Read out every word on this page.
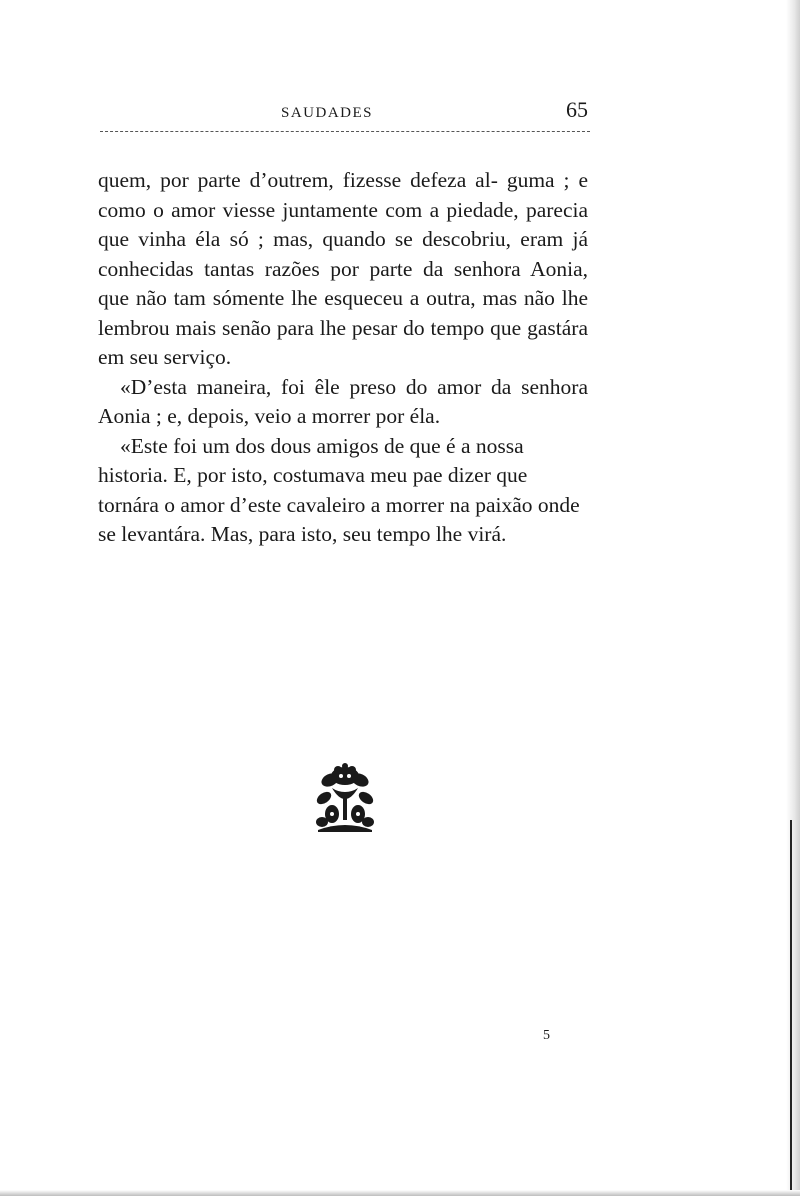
SAUDADES	65

quem, por parte d’outrem, fizesse defeza al- guma ; e como o amor viesse juntamente com a piedade, parecia que vinha éla só ; mas, quando se descobriu, eram já conhecidas tantas razões por parte da senhora Aonia, que não tam sómente lhe esqueceu a outra, mas não lhe lembrou mais senão para lhe pesar do tempo que gastára em seu serviço.

«D’esta maneira, foi êle preso do amor da senhora Aonia ; e, depois, veio a morrer por éla.

«Este foi um dos dous amigos de que é a nossa historia. E, por isto, costumava meu pae dizer que tornára o amor d’este cavaleiro a morrer na paixão onde se levantára. Mas, para isto, seu tempo lhe virá.

5
